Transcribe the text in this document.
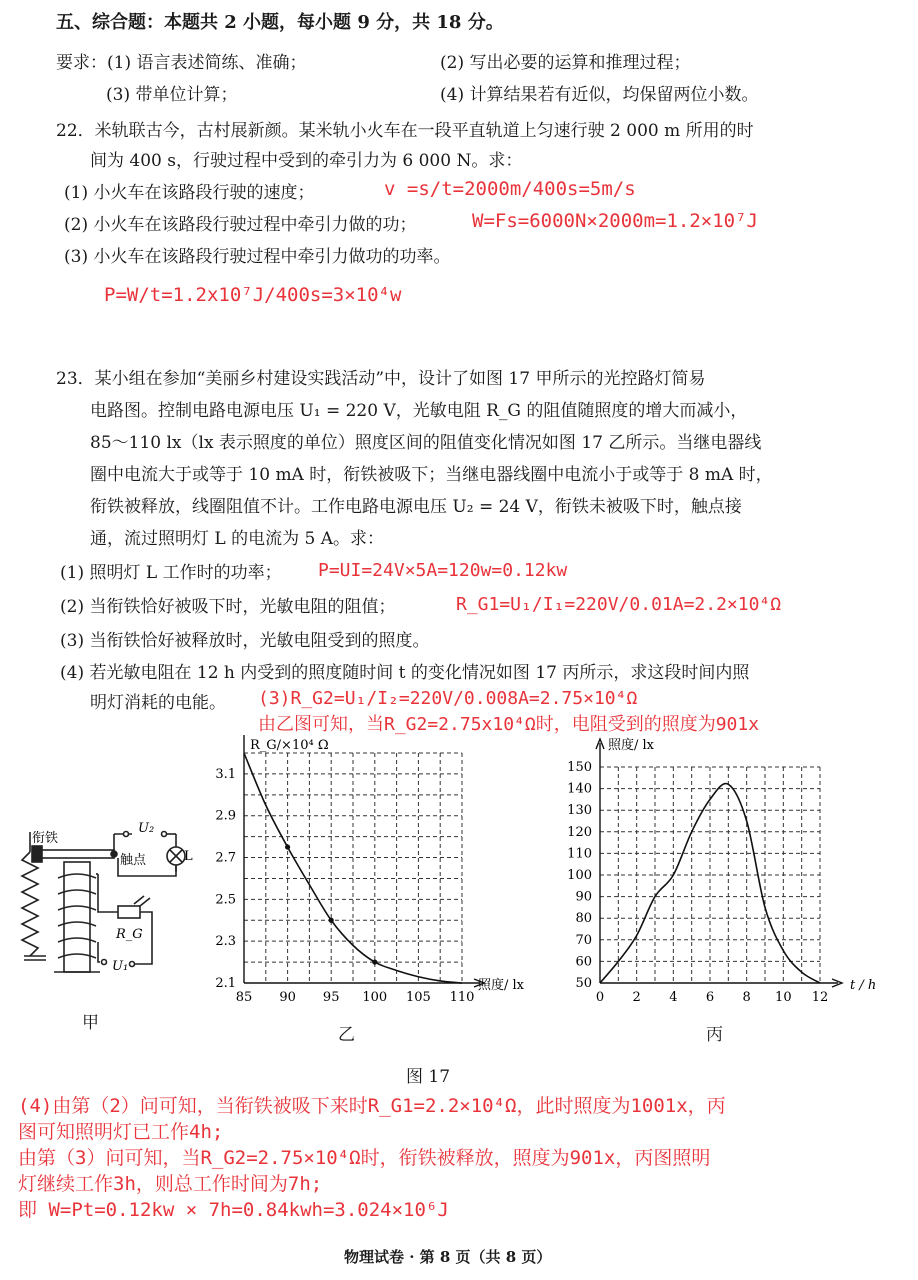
五、综合题：本题共 2 小题，每小题 9 分，共 18 分。
要求：(1) 语言表述简练、准确；	(2) 写出必要的运算和推理过程；
(3) 带单位计算；	(4) 计算结果若有近似，均保留两位小数。
22．米轨联古今，古村展新颜。某米轨小火车在一段平直轨道上匀速行驶 2 000 m 所用的时
间为 400 s，行驶过程中受到的牵引力为 6 000 N。求：
(1) 小火车在该路段行驶的速度；	v =s/t=2000m/400s=5m/s
(2) 小火车在该路段行驶过程中牵引力做的功；	W=Fs=6000N×2000m=1.2×10⁷J
(3) 小火车在该路段行驶过程中牵引力做功的功率。
P=W/t=1.2x10⁷J/400s=3×10⁴w
23．某小组在参加“美丽乡村建设实践活动”中，设计了如图 17 甲所示的光控路灯简易
电路图。控制电路电源电压 U₁ = 220 V，光敏电阻 R_G 的阻值随照度的增大而减小，
85～110 lx（lx 表示照度的单位）照度区间的阻值变化情况如图 17 乙所示。当继电器线
圈中电流大于或等于 10 mA 时，衔铁被吸下；当继电器线圈中电流小于或等于 8 mA 时，
衔铁被释放，线圈阻值不计。工作电路电源电压 U₂ = 24 V，衔铁未被吸下时，触点接
通，流过照明灯 L 的电流为 5 A。求：
(1) 照明灯 L 工作时的功率； P=UI=24V×5A=120w=0.12kw
(2) 当衔铁恰好被吸下时，光敏电阻的阻值；	R_G1=U₁/I₁=220V/0.01A=2.2×10⁴Ω
(3) 当衔铁恰好被释放时，光敏电阻受到的照度。
(4) 若光敏电阻在 12 h 内受到的照度随时间 t 的变化情况如图 17 丙所示，求这段时间内照
明灯消耗的电能。 (3)R_G2=U₁/I₂=220V/0.008A=2.75×10⁴Ω
由乙图可知，当R_G2=2.75x10⁴Ω时，电阻受到的照度为901x
衔铁
触点
U₂
L
R_G
U₁
甲
85 90 95 100 105 110
2.1
2.3
2.5
2.7
2.9
3.1
R_G/×10⁴ Ω
照度/ lx
乙
0 2 4 6 8 10 12
50
60
70
80
90
100
110
120
130
140
150
照度/ lx
t / h
丙
图 17
(4)由第（2）问可知，当衔铁被吸下来时R_G1=2.2×10⁴Ω，此时照度为1001x，丙
图可知照明灯已工作4h;
由第（3）问可知，当R_G2=2.75×10⁴Ω时，衔铁被释放，照度为901x，丙图照明
灯继续工作3h，则总工作时间为7h;
即 W=Pt=0.12kw × 7h=0.84kwh=3.024×10⁶J
物理试卷 · 第 8 页（共 8 页）
